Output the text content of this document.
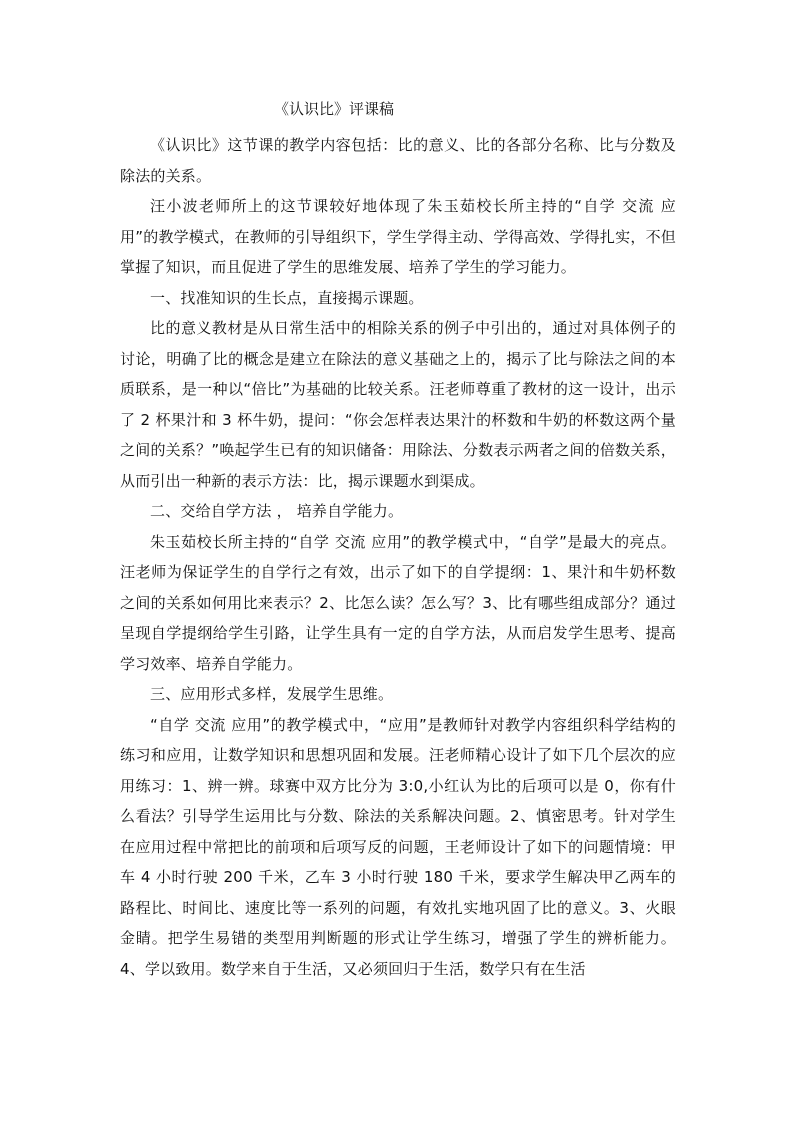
《认识比》评课稿

《认识比》这节课的教学内容包括：比的意义、比的各部分名称、比与分数及除法的关系。

汪小波老师所上的这节课较好地体现了朱玉茹校长所主持的“自学 交流 应用”的教学模式，在教师的引导组织下，学生学得主动、学得高效、学得扎实，不但掌握了知识，而且促进了学生的思维发展、培养了学生的学习能力。

一、找准知识的生长点，直接揭示课题。

比的意义教材是从日常生活中的相除关系的例子中引出的，通过对具体例子的讨论，明确了比的概念是建立在除法的意义基础之上的，揭示了比与除法之间的本质联系，是一种以“倍比”为基础的比较关系。汪老师尊重了教材的这一设计，出示了 2 杯果汁和 3 杯牛奶，提问：“你会怎样表达果汁的杯数和牛奶的杯数这两个量之间的关系？”唤起学生已有的知识储备：用除法、分数表示两者之间的倍数关系，从而引出一种新的表示方法：比，揭示课题水到渠成。

二、交给自学方法 ， 培养自学能力。

朱玉茹校长所主持的“自学 交流 应用”的教学模式中，“自学”是最大的亮点。汪老师为保证学生的自学行之有效，出示了如下的自学提纲：1、果汁和牛奶杯数之间的关系如何用比来表示？2、比怎么读？怎么写？3、比有哪些组成部分？通过呈现自学提纲给学生引路，让学生具有一定的自学方法，从而启发学生思考、提高学习效率、培养自学能力。

三、应用形式多样，发展学生思维。

“自学 交流 应用”的教学模式中，“应用”是教师针对教学内容组织科学结构的练习和应用，让数学知识和思想巩固和发展。汪老师精心设计了如下几个层次的应用练习：1、辨一辨。球赛中双方比分为 3:0,小红认为比的后项可以是 0，你有什么看法？引导学生运用比与分数、除法的关系解决问题。2、慎密思考。针对学生在应用过程中常把比的前项和后项写反的问题，王老师设计了如下的问题情境：甲车 4 小时行驶 200 千米，乙车 3 小时行驶 180 千米，要求学生解决甲乙两车的路程比、时间比、速度比等一系列的问题，有效扎实地巩固了比的意义。3、火眼金睛。把学生易错的类型用判断题的形式让学生练习，增强了学生的辨析能力。4、学以致用。数学来自于生活，又必须回归于生活，数学只有在生活
